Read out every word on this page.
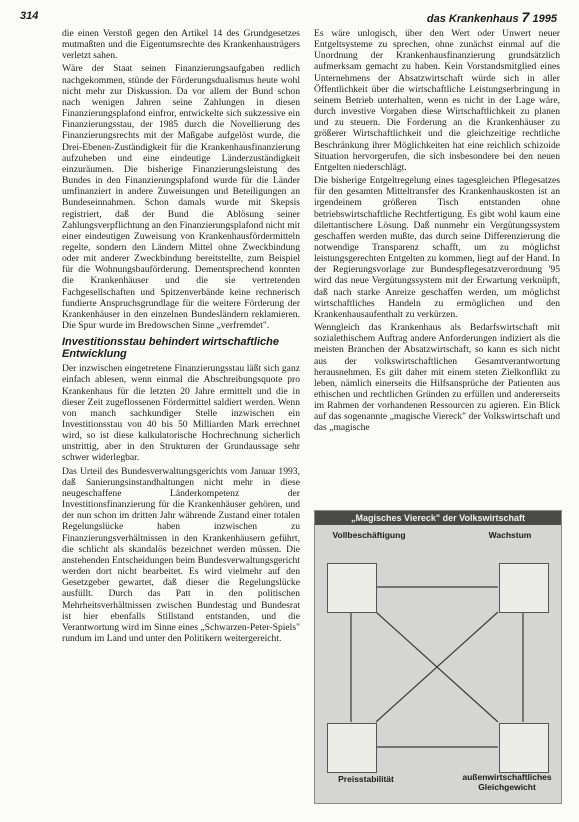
314	das Krankenhaus 7 1995

die einen Verstoß gegen den Artikel 14 des Grundgesetzes mutmaßten und die Eigentumsrechte des Krankenhausträgers verletzt sahen.

Wäre der Staat seinen Finanzierungsaufgaben redlich nachgekommen, stünde der Förderungsdualismus heute wohl nicht mehr zur Diskussion. Da vor allem der Bund schon nach wenigen Jahren seine Zahlungen in diesen Finanzierungsplafond einfror, entwickelte sich sukzessive ein Finanzierungsstau, der 1985 durch die Novellierung des Finanzierungsrechts mit der Maßgabe aufgelöst wurde, die Drei-Ebenen-Zuständigkeit für die Krankenhausfinanzierung aufzuheben und eine eindeutige Länderzuständigkeit einzuräumen. Die bisherige Finanzierungsleistung des Bundes in den Finanzierungsplafond wurde für die Länder umfinanziert in andere Zuweisungen und Beteiligungen an Bundeseinnahmen. Schon damals wurde mit Skepsis registriert, daß der Bund die Ablösung seiner Zahlungsverpflichtung an den Finanzierungsplafond nicht mit einer eindeutigen Zuweisung von Krankenhausfördermitteln regelte, sondern den Ländern Mittel ohne Zweckbindung oder mit anderer Zweckbindung bereitstellte, zum Beispiel für die Wohnungsbauförderung. Dementsprechend konnten die Krankenhäuser und die sie vertretenden Fachgesellschaften und Spitzenverbände keine rechnerisch fundierte Anspruchsgrundlage für die weitere Förderung der Krankenhäuser in den einzelnen Bundesländern reklamieren. Die Spur wurde im Bredowschen Sinne „verfremdet".

Investitionsstau behindert wirtschaftliche Entwicklung

Der inzwischen eingetretene Finanzierungsstau läßt sich ganz einfach ablesen, wenn einmal die Abschreibungsquote pro Krankenhaus für die letzten 20 Jahre ermittelt und die in dieser Zeit zugeflossenen Fördermittel saldiert werden. Wenn von manch sachkundiger Stelle inzwischen ein Investitionsstau von 40 bis 50 Milliarden Mark errechnet wird, so ist diese kalkulatorische Hochrechnung sicherlich unstrittig, aber in den Strukturen der Grundaussage sehr schwer widerlegbar.

Das Urteil des Bundesverwaltungsgerichts vom Januar 1993, daß Sanierungsinstandhaltungen nicht mehr in diese neugeschaffene Länderkompetenz der Investitionsfinanzierung für die Krankenhäuser gehören, und der nun schon im dritten Jahr währende Zustand einer totalen Regelungslücke haben inzwischen zu Finanzierungsverhältnissen in den Krankenhäusern geführt, die schlicht als skandalös bezeichnet werden müssen. Die anstehenden Entscheidungen beim Bundesverwaltungsgericht werden dort nicht bearbeitet. Es wird vielmehr auf den Gesetzgeber gewartet, daß dieser die Regelungslücke ausfüllt. Durch das Patt in den politischen Mehrheitsverhältnissen zwischen Bundestag und Bundesrat ist hier ebenfalls Stillstand entstanden, und die Verantwortung wird im Sinne eines „Schwarzen-Peter-Spiels" rundum im Land und unter den Politikern weitergereicht.

Es wäre unlogisch, über den Wert oder Unwert neuer Entgeltsysteme zu sprechen, ohne zunächst einmal auf die Unordnung der Krankenhausfinanzierung grundsätzlich aufmerksam gemacht zu haben. Kein Vorstandsmitglied eines Unternehmens der Absatzwirtschaft würde sich in aller Öffentlichkeit über die wirtschaftliche Leistungserbringung in seinem Betrieb unterhalten, wenn es nicht in der Lage wäre, durch investive Vorgaben diese Wirtschaftlichkeit zu planen und zu steuern. Die Forderung an die Krankenhäuser zu größerer Wirtschaftlichkeit und die gleichzeitige rechtliche Beschränkung ihrer Möglichkeiten hat eine reichlich schizoide Situation hervorgerufen, die sich insbesondere bei den neuen Entgelten niederschlägt.

Die bisherige Entgeltregelung eines tagesgleichen Pflegesatzes für den gesamten Mitteltransfer des Krankenhauskosten ist an irgendeinem größeren Tisch entstanden ohne betriebswirtschaftliche Rechtfertigung. Es gibt wohl kaum eine dilettantischere Lösung. Daß nunmehr ein Vergütungssystem geschaffen werden mußte, das durch seine Differenzierung die notwendige Transparenz schafft, um zu möglichst leistungsgerechten Entgelten zu kommen, liegt auf der Hand. In der Regierungsvorlage zur Bundespflegesatzverordnung '95 wird das neue Vergütungssystem mit der Erwartung verknüpft, daß nach starke Anreize geschaffen werden, um möglichst wirtschaftliches Handeln zu ermöglichen und den Krankenhausaufenthalt zu verkürzen.

Wenngleich das Krankenhaus als Bedarfswirtschaft mit sozialethischem Auftrag andere Anforderungen indiziert als die meisten Branchen der Absatzwirtschaft, so kann es sich nicht aus der volkswirtschaftlichen Gesamtverantwortung herausnehmen. Es gilt daher mit einem steten Zielkonflikt zu leben, nämlich einerseits die Hilfsansprüche der Patienten aus ethischen und rechtlichen Gründen zu erfüllen und andererseits im Rahmen der vorhandenen Ressourcen zu agieren. Ein Blick auf das sogenannte „magische Viereck" der Volkswirtschaft und das „magische

„Magisches Viereck" der Volkswirtschaft
Vollbeschäftigung	Wachstum
Preisstabilität	außenwirtschaftliches Gleichgewicht
